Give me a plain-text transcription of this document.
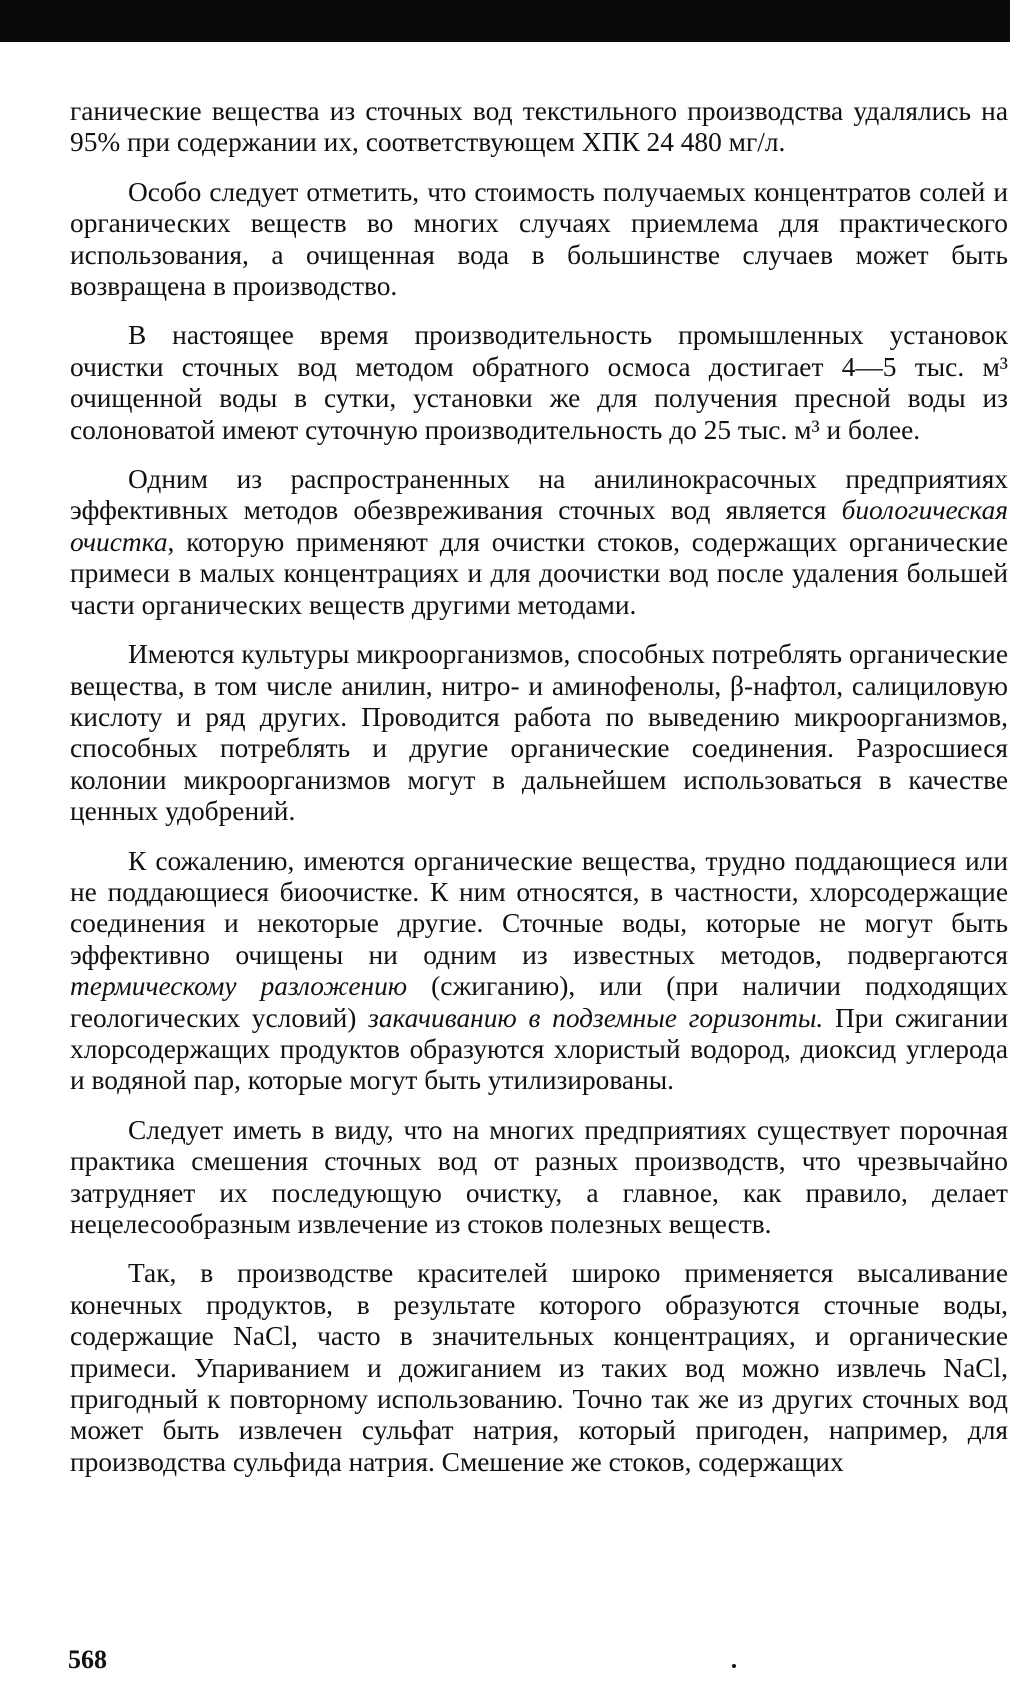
ганические вещества из сточных вод текстильного производства удалялись на 95% при содержании их, соответствующем ХПК 24 480 мг/л.

Особо следует отметить, что стоимость получаемых концентратов солей и органических веществ во многих случаях приемлема для практического использования, а очищенная вода в большинстве случаев может быть возвращена в производство.

В настоящее время производительность промышленных установок очистки сточных вод методом обратного осмоса достигает 4—5 тыс. м³ очищенной воды в сутки, установки же для получения пресной воды из солоноватой имеют суточную производительность до 25 тыс. м³ и более.

Одним из распространенных на анилинокрасочных предприятиях эффективных методов обезвреживания сточных вод является биологическая очистка, которую применяют для очистки стоков, содержащих органические примеси в малых концентрациях и для доочистки вод после удаления большей части органических веществ другими методами.

Имеются культуры микроорганизмов, способных потреблять органические вещества, в том числе анилин, нитро- и аминофенолы, β-нафтол, салициловую кислоту и ряд других. Проводится работа по выведению микроорганизмов, способных потреблять и другие органические соединения. Разросшиеся колонии микроорганизмов могут в дальнейшем использоваться в качестве ценных удобрений.

К сожалению, имеются органические вещества, трудно поддающиеся или не поддающиеся биоочистке. К ним относятся, в частности, хлорсодержащие соединения и некоторые другие. Сточные воды, которые не могут быть эффективно очищены ни одним из известных методов, подвергаются термическому разложению (сжиганию), или (при наличии подходящих геологических условий) закачиванию в подземные горизонты. При сжигании хлорсодержащих продуктов образуются хлористый водород, диоксид углерода и водяной пар, которые могут быть утилизированы.

Следует иметь в виду, что на многих предприятиях существует порочная практика смешения сточных вод от разных производств, что чрезвычайно затрудняет их последующую очистку, а главное, как правило, делает нецелесообразным извлечение из стоков полезных веществ.

Так, в производстве красителей широко применяется высаливание конечных продуктов, в результате которого образуются сточные воды, содержащие NaCl, часто в значительных концентрациях, и органические примеси. Упариванием и дожиганием из таких вод можно извлечь NaCl, пригодный к повторному использованию. Точно так же из других сточных вод может быть извлечен сульфат натрия, который пригоден, например, для производства сульфида натрия. Смешение же стоков, содержащих

568
